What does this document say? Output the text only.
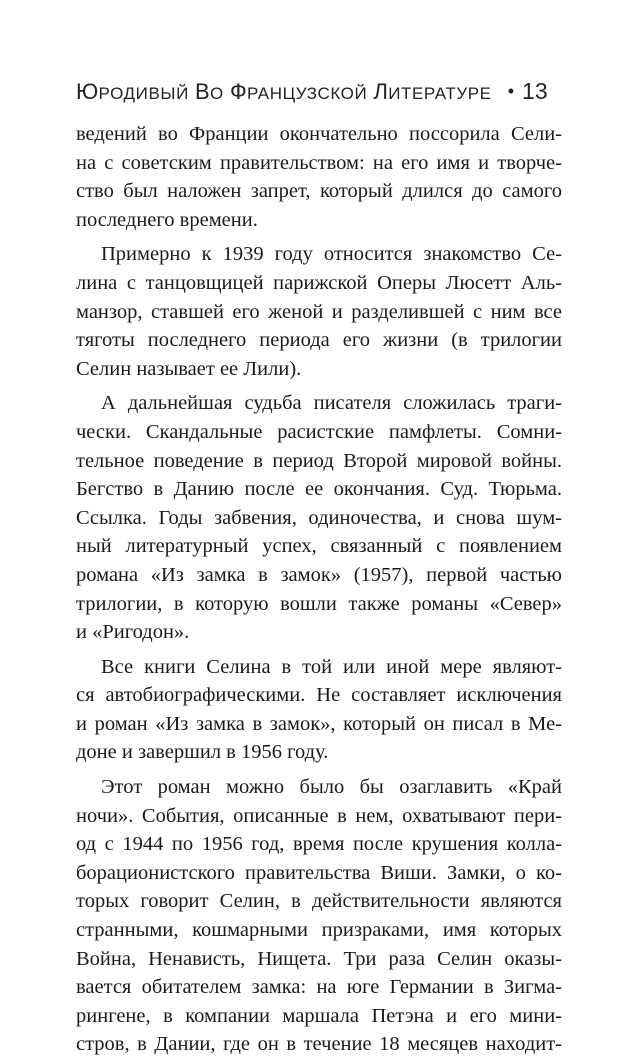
ЮРОДИВЫЙ ВО ФРАНЦУЗСКОЙ ЛИТЕРАТУРЕ • 13

ведений во Франции окончательно поссорила Сели-
на с советским правительством: на его имя и творче-
ство был наложен запрет, который длился до самого
последнего времени.

Примерно к 1939 году относится знакомство Се-
лина с танцовщицей парижской Оперы Люсетт Аль-
манзор, ставшей его женой и разделившей с ним все
тяготы последнего периода его жизни (в трилогии
Селин называет ее Лили).

А дальнейшая судьба писателя сложилась траги-
чески. Скандальные расистские памфлеты. Сомни-
тельное поведение в период Второй мировой войны.
Бегство в Данию после ее окончания. Суд. Тюрьма.
Ссылка. Годы забвения, одиночества, и снова шум-
ный литературный успех, связанный с появлением
романа «Из замка в замок» (1957), первой частью
трилогии, в которую вошли также романы «Север»
и «Ригодон».

Все книги Селина в той или иной мере являют-
ся автобиографическими. Не составляет исключения
и роман «Из замка в замок», который он писал в Ме-
доне и завершил в 1956 году.

Этот роман можно было бы озаглавить «Край
ночи». События, описанные в нем, охватывают пери-
од с 1944 по 1956 год, время после крушения колла-
борационистского правительства Виши. Замки, о ко-
торых говорит Селин, в действительности являются
странными, кошмарными призраками, имя которых
Война, Ненависть, Нищета. Три раза Селин оказы-
вается обитателем замка: на юге Германии в Зигма-
рингене, в компании маршала Петэна и его мини-
стров, в Дании, где он в течение 18 месяцев находит-
